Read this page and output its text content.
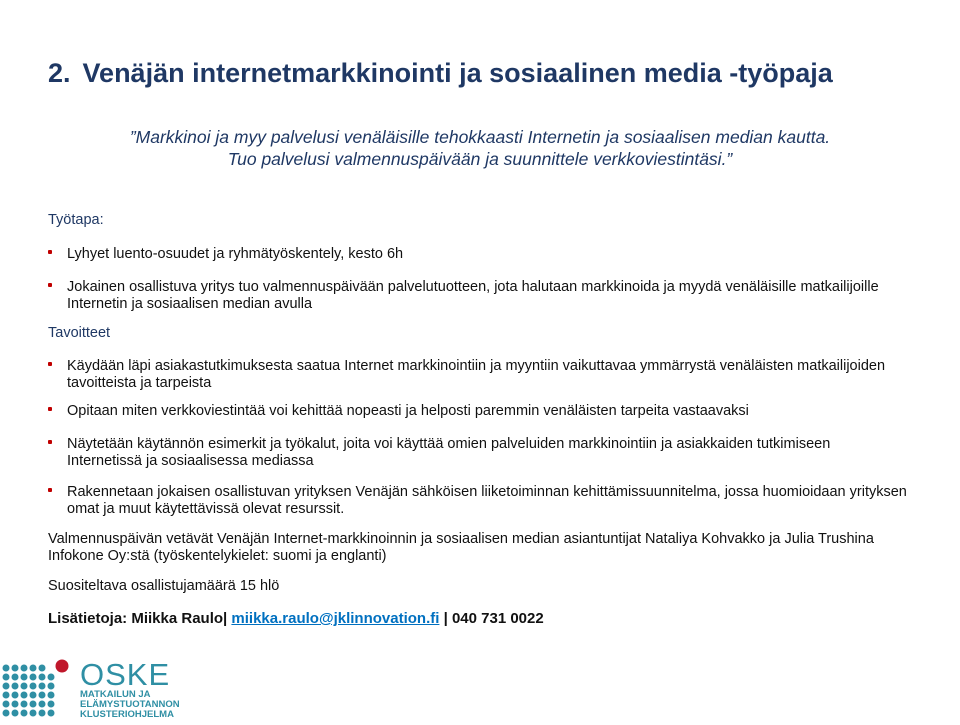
2. Venäjän internetmarkkinointi ja sosiaalinen media -työpaja
”Markkinoi ja myy palvelusi venäläisille tehokkaasti Internetin ja sosiaalisen median kautta.
Tuo palvelusi valmennuspäivään ja suunnittele verkkoviestintäsi.”
Työtapa:
Lyhyet luento-osuudet ja ryhmätyöskentely, kesto 6h
Jokainen osallistuva yritys tuo valmennuspäivään palvelutuotteen, jota halutaan markkinoida ja myydä venäläisille matkailijoille Internetin ja sosiaalisen median avulla
Tavoitteet
Käydään läpi asiakastutkimuksesta saatua Internet markkinointiin ja myyntiin vaikuttavaa ymmärrystä venäläisten matkailijoiden tavoitteista ja tarpeista
Opitaan miten verkkoviestintää voi kehittää nopeasti ja helposti paremmin venäläisten tarpeita vastaavaksi
Näytetään käytännön esimerkit ja työkalut, joita voi käyttää omien palveluiden markkinointiin ja asiakkaiden tutkimiseen Internetissä ja sosiaalisessa mediassa
Rakennetaan jokaisen osallistuvan yrityksen Venäjän sähköisen liiketoiminnan kehittämissuunnitelma, jossa huomioidaan yrityksen omat ja muut käytettävissä olevat resurssit.
Valmennuspäivän vetävät Venäjän Internet-markkinoinnin ja sosiaalisen median asiantuntijat Nataliya Kohvakko ja Julia Trushina Infokone Oy:stä (työskentelykielet: suomi ja englanti)
Suositeltava osallistujamäärä 15 hlö
Lisätietoja: Miikka Raulo| miikka.raulo@jklinnovation.fi | 040 731 0022
OSKE
MATKAILUN JA
ELÄMYSTUOTANNON
KLUSTERIOHJELMA
